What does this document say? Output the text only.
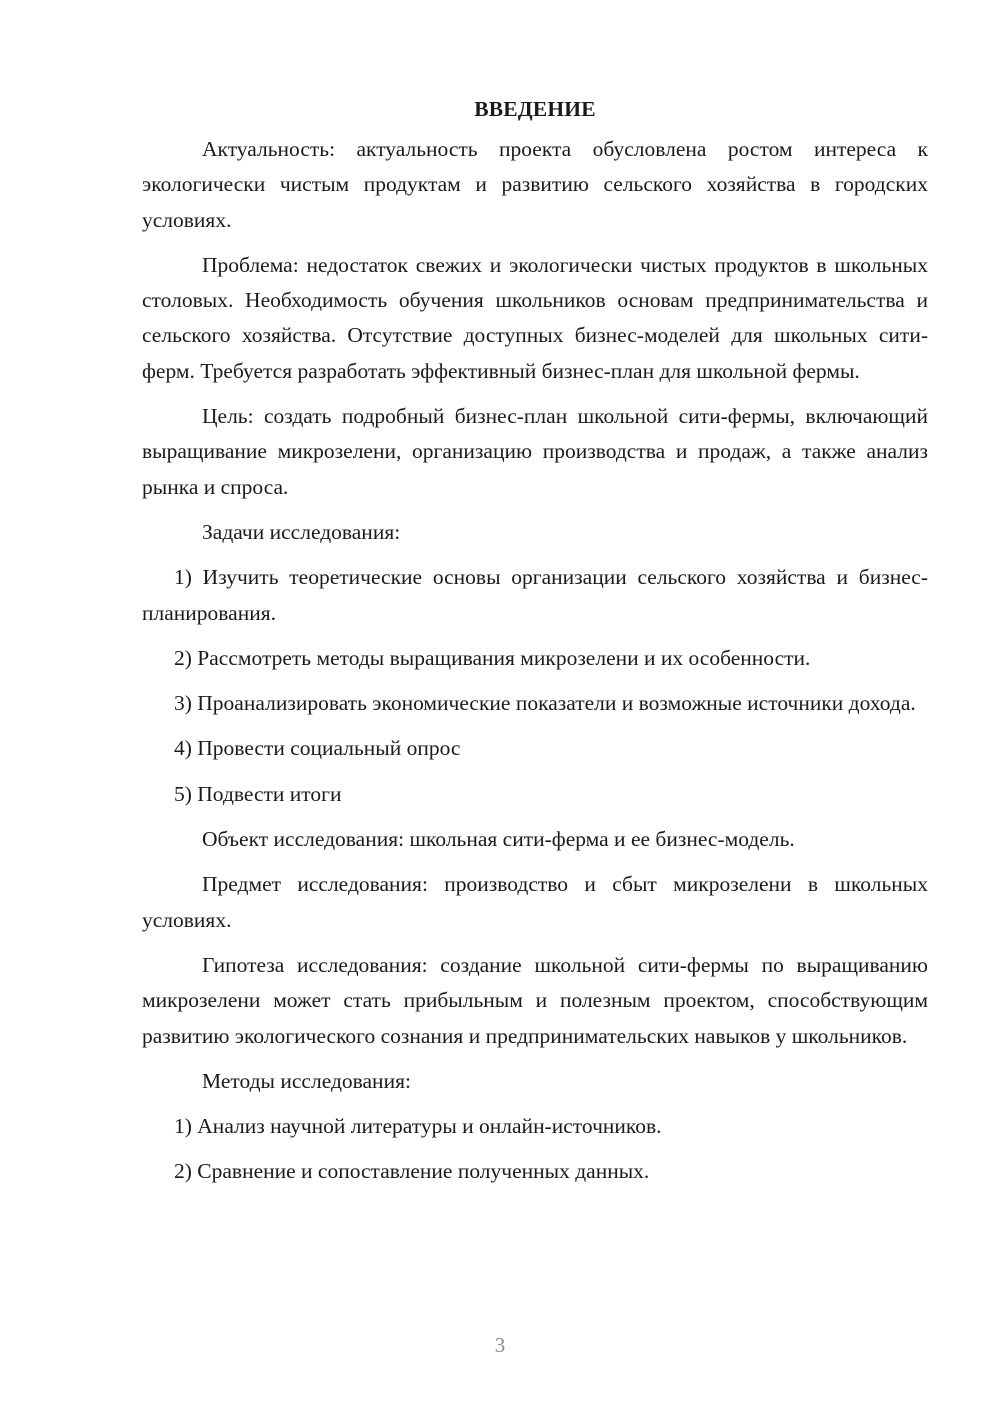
ВВЕДЕНИЕ

Актуальность: актуальность проекта обусловлена ростом интереса к экологически чистым продуктам и развитию сельского хозяйства в городских условиях.

Проблема: недостаток свежих и экологически чистых продуктов в школьных столовых. Необходимость обучения школьников основам предпринимательства и сельского хозяйства. Отсутствие доступных бизнес-моделей для школьных сити-ферм. Требуется разработать эффективный бизнес-план для школьной фермы.

Цель: создать подробный бизнес-план школьной сити-фермы, включающий выращивание микрозелени, организацию производства и продаж, а также анализ рынка и спроса.

Задачи исследования:

1) Изучить теоретические основы организации сельского хозяйства и бизнес-планирования.

2) Рассмотреть методы выращивания микрозелени и их особенности.

3) Проанализировать экономические показатели и возможные источники дохода.

4) Провести социальный опрос

5) Подвести итоги

Объект исследования: школьная сити-ферма и ее бизнес-модель.

Предмет исследования: производство и сбыт микрозелени в школьных условиях.

Гипотеза исследования: создание школьной сити-фермы по выращиванию микрозелени может стать прибыльным и полезным проектом, способствующим развитию экологического сознания и предпринимательских навыков у школьников.

Методы исследования:

1) Анализ научной литературы и онлайн-источников.

2) Сравнение и сопоставление полученных данных.

3
